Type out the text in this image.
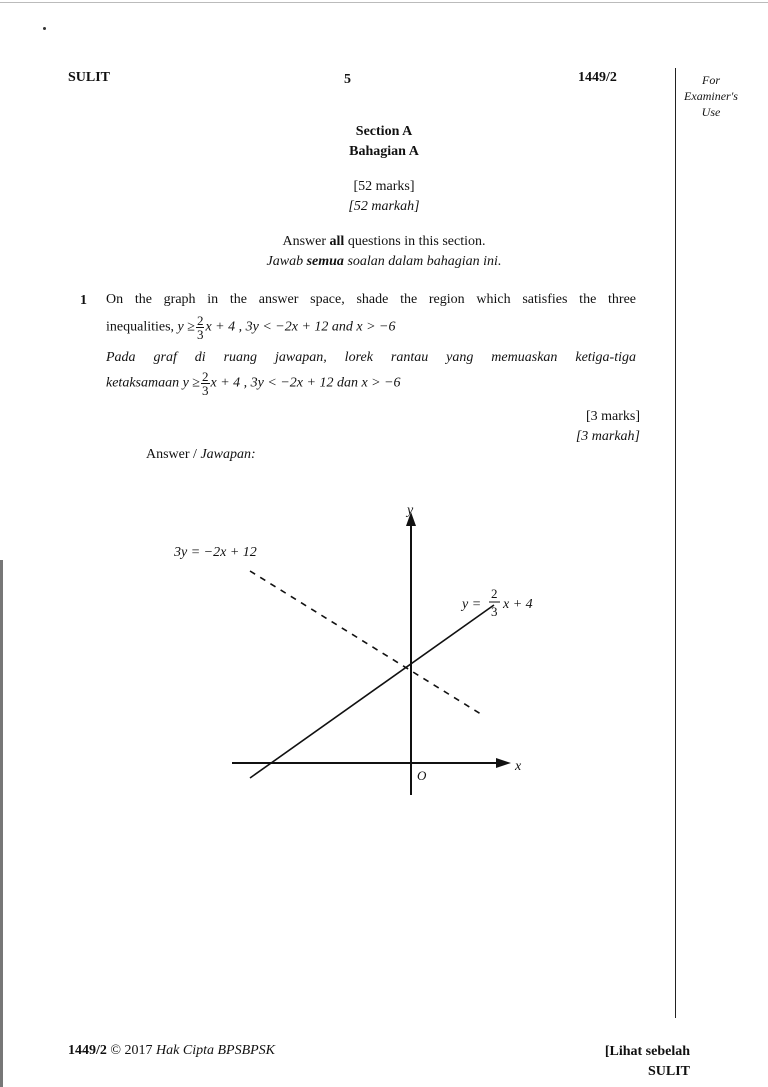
SULIT	5	1449/2	For
Examiner's
Use
Section A
Bahagian A
[52 marks]
[52 markah]
Answer all questions in this section.
Jawab semua soalan dalam bahagian ini.
1 On the graph in the answer space, shade the region which satisfies the three
inequalities, $y \ge \frac{2}{3}$ x + 4 , 3y < −2x + 12 and x > −6
Pada graf di ruang jawapan, lorek rantau yang memuaskan ketiga-tiga
ketaksamaan $y \ge \frac{2}{3}$ x + 4 , 3y < −2x + 12 dan x > −6
[3 marks]
[3 markah]
Answer / Jawapan:
y
x
O
3y = −2x + 12
y =
2
3 x + 4
1449/2 © 2017 Hak Cipta BPSBPSK	[Lihat sebelah
SULIT
